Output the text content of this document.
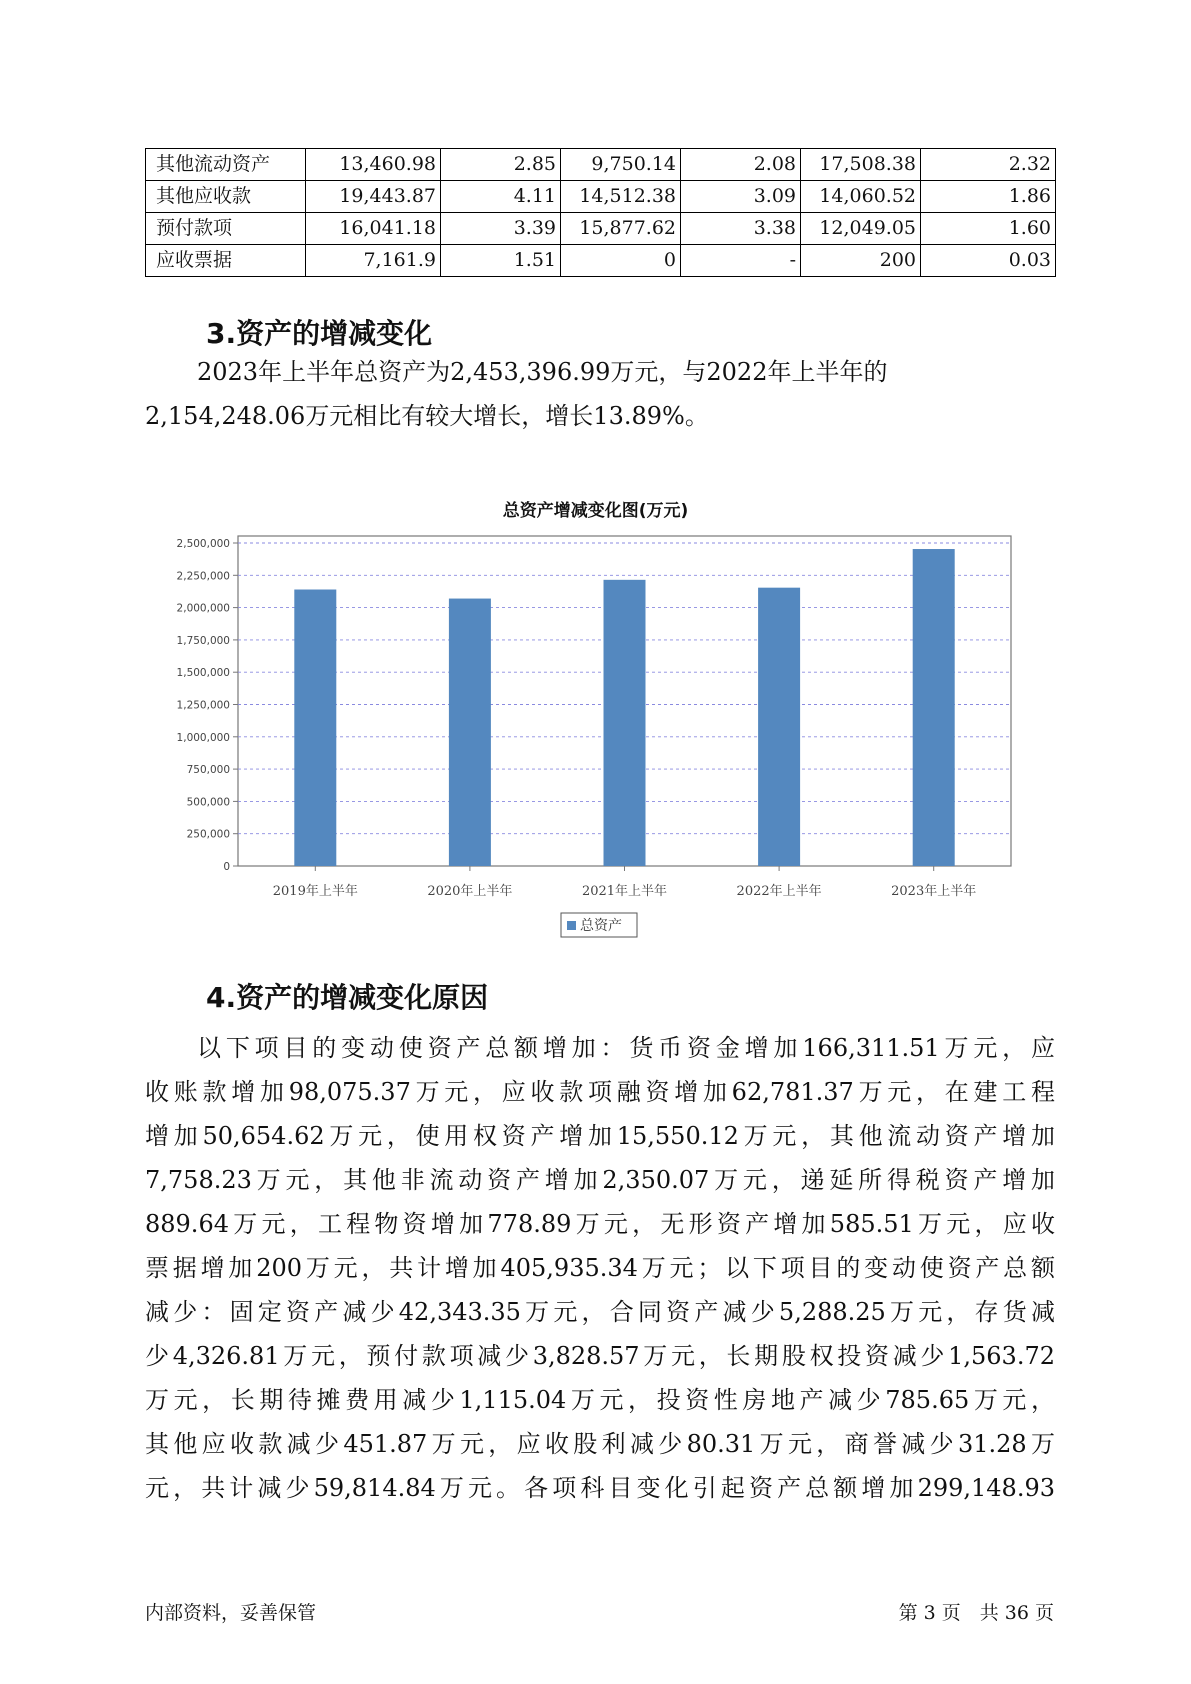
其他流动资产	13,460.98	2.85	9,750.14	2.08	17,508.38	2.32
其他应收款	19,443.87	4.11	14,512.38	3.09	14,060.52	1.86
预付款项	16,041.18	3.39	15,877.62	3.38	12,049.05	1.60
应收票据	7,161.9	1.51	0	-	200	0.03
3.资产的增减变化
2023年上半年总资产为2,453,396.99万元，与2022年上半年的
2,154,248.06万元相比有较大增长，增长13.89%。
总资产增减变化图(万元)
0
250,000
500,000
750,000
1,000,000
1,250,000
1,500,000
1,750,000
2,000,000
2,250,000
2,500,000
2019年上半年	2020年上半年	2021年上半年	2022年上半年	2023年上半年
总资产
4.资产的增减变化原因
以下项目的变动使资产总额增加：货币资金增加166,311.51万元，应
收账款增加98,075.37万元，应收款项融资增加62,781.37万元，在建工程
增加50,654.62万元，使用权资产增加15,550.12万元，其他流动资产增加
7,758.23万元，其他非流动资产增加2,350.07万元，递延所得税资产增加
889.64万元，工程物资增加778.89万元，无形资产增加585.51万元，应收
票据增加200万元，共计增加405,935.34万元；以下项目的变动使资产总额
减少：固定资产减少42,343.35万元，合同资产减少5,288.25万元，存货减
少4,326.81万元，预付款项减少3,828.57万元，长期股权投资减少1,563.72
万元，长期待摊费用减少1,115.04万元，投资性房地产减少785.65万元，
其他应收款减少451.87万元，应收股利减少80.31万元，商誉减少31.28万
元，共计减少59,814.84万元。各项科目变化引起资产总额增加299,148.93
内部资料，妥善保管	第 3 页　共 36 页
